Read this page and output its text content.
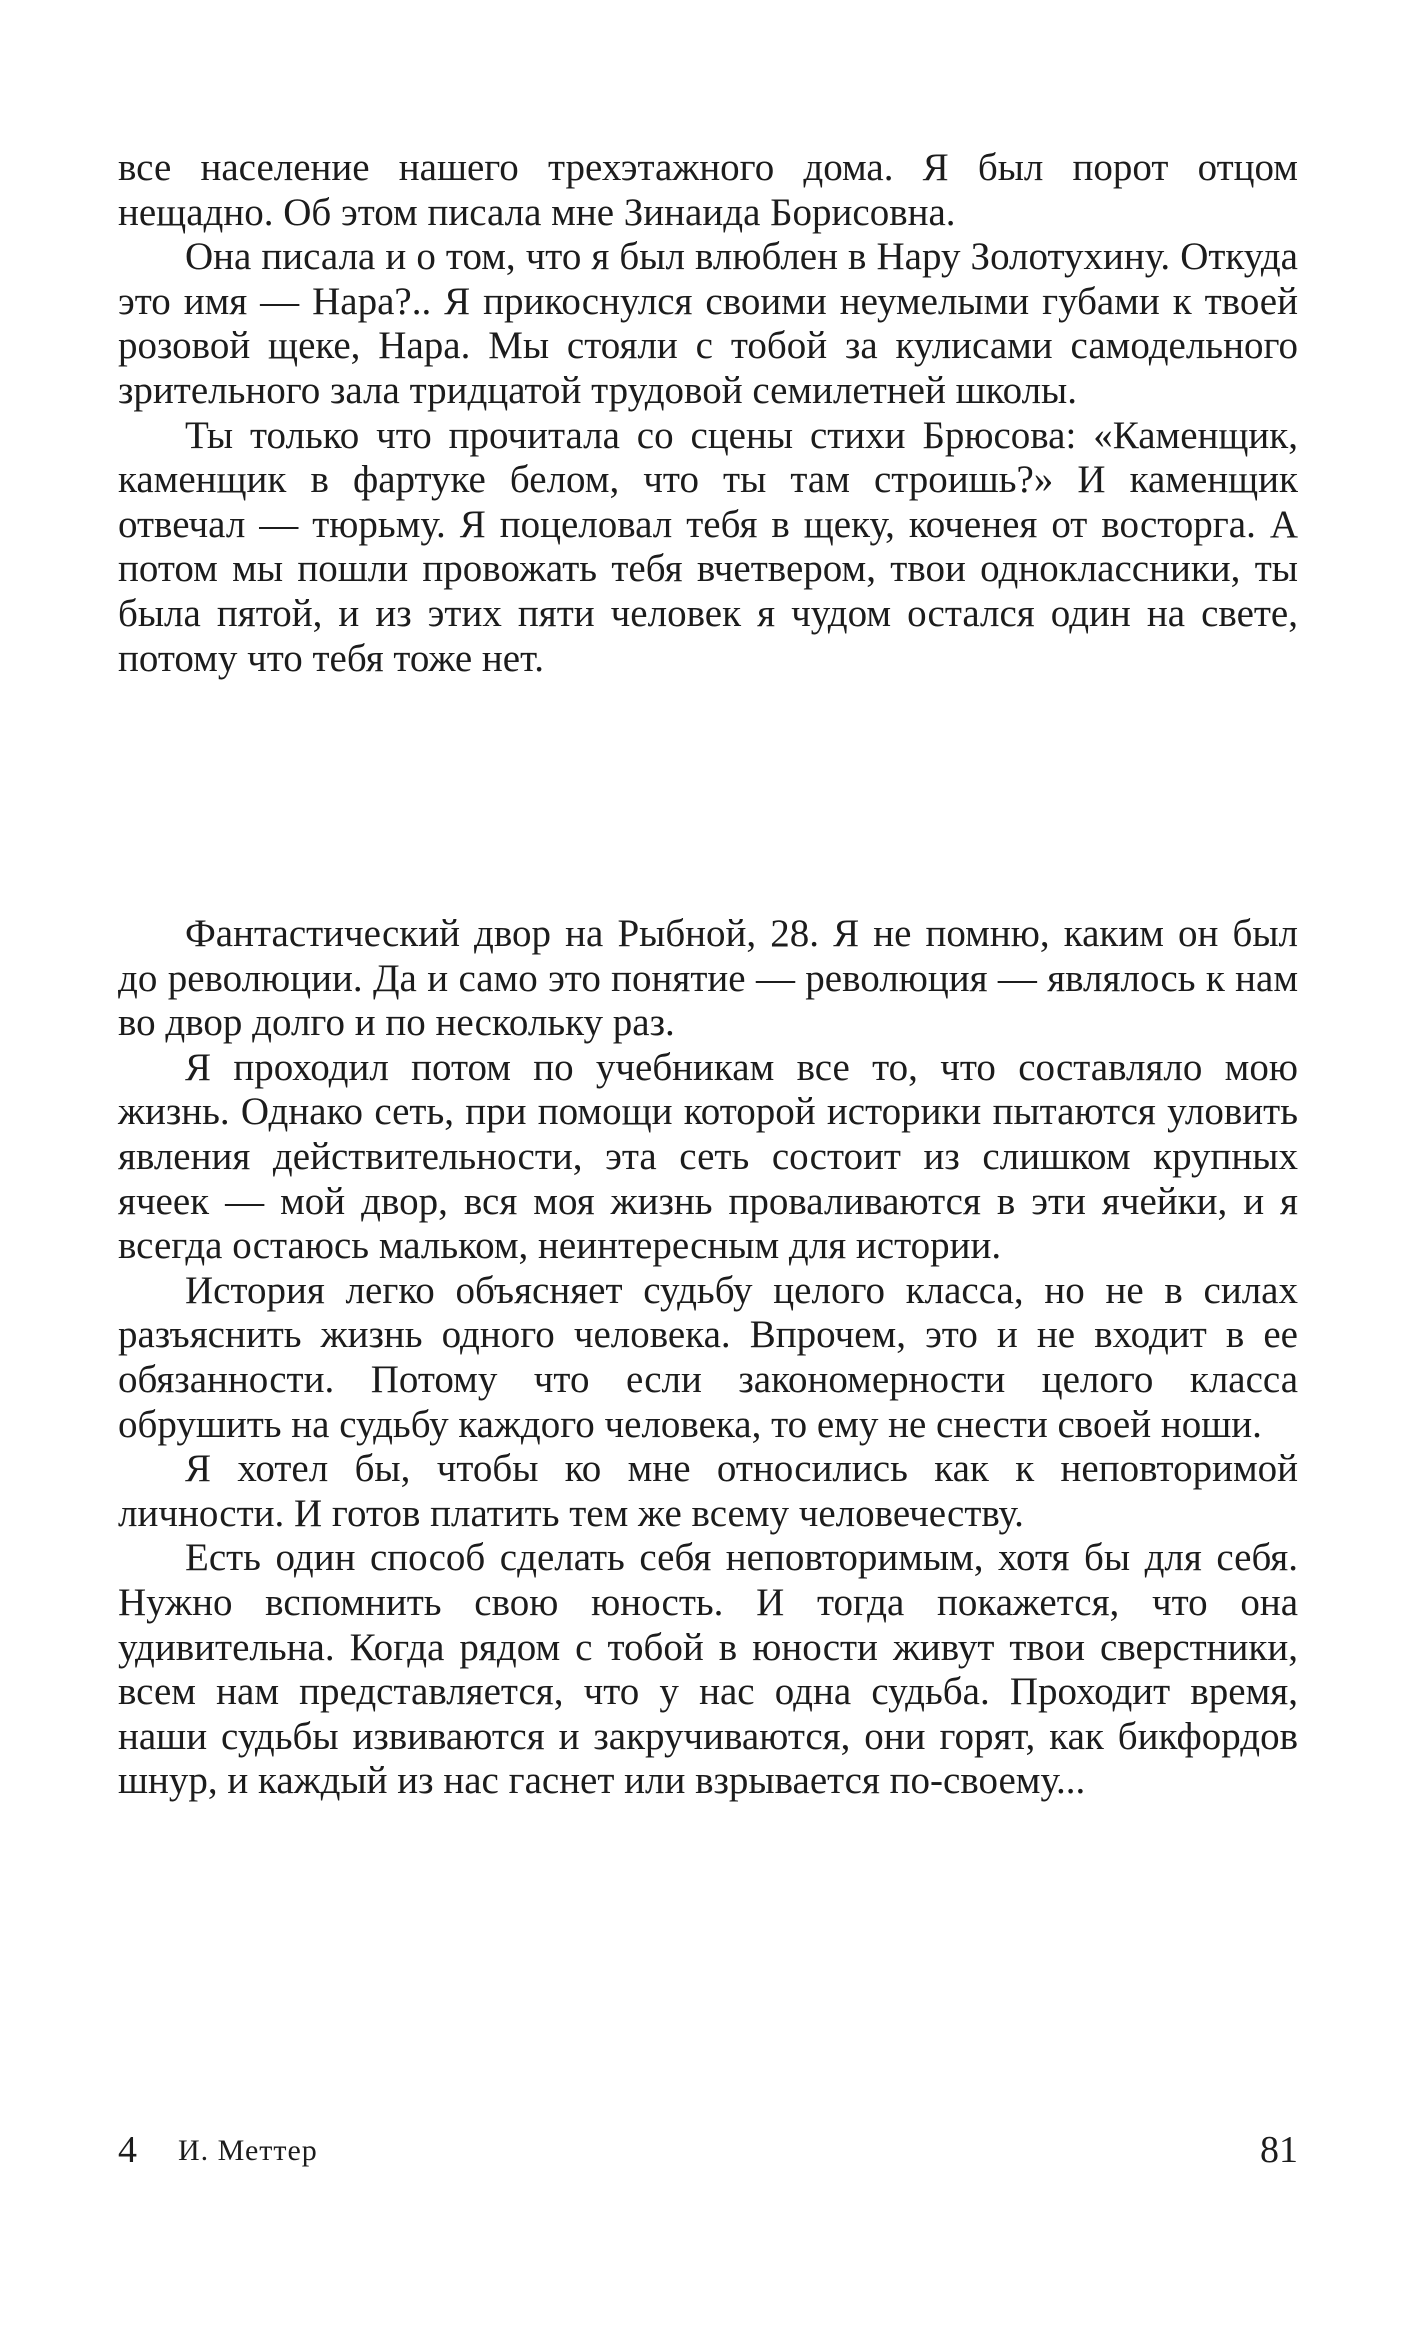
все население нашего трехэтажного дома. Я был порот отцом нещадно. Об этом писала мне Зинаида Борисовна.

Она писала и о том, что я был влюблен в Нару Золотухину. Откуда это имя — Нара?.. Я прикоснулся своими неумелыми губами к твоей розовой щеке, Нара. Мы стояли с тобой за кулисами самодельного зрительного зала тридцатой трудовой семилетней школы.

Ты только что прочитала со сцены стихи Брюсова: «Каменщик, каменщик в фартуке белом, что ты там строишь?» И каменщик отвечал — тюрьму. Я поцеловал тебя в щеку, коченея от восторга. А потом мы пошли провожать тебя вчетвером, твои одноклассники, ты была пятой, и из этих пяти человек я чудом остался один на свете, потому что тебя тоже нет.

Фантастический двор на Рыбной, 28. Я не помню, каким он был до революции. Да и само это понятие — революция — являлось к нам во двор долго и по нескольку раз.

Я проходил потом по учебникам все то, что составляло мою жизнь. Однако сеть, при помощи которой историки пытаются уловить явления действительности, эта сеть состоит из слишком крупных ячеек — мой двор, вся моя жизнь проваливаются в эти ячейки, и я всегда остаюсь мальком, неинтересным для истории.

История легко объясняет судьбу целого класса, но не в силах разъяснить жизнь одного человека. Впрочем, это и не входит в ее обязанности. Потому что если закономерности целого класса обрушить на судьбу каждого человека, то ему не снести своей ноши.

Я хотел бы, чтобы ко мне относились как к неповторимой личности. И готов платить тем же всему человечеству.

Есть один способ сделать себя неповторимым, хотя бы для себя. Нужно вспомнить свою юность. И тогда покажется, что она удивительна. Когда рядом с тобой в юности живут твои сверстники, всем нам представляется, что у нас одна судьба. Проходит время, наши судьбы извиваются и закручиваются, они горят, как бикфордов шнур, и каждый из нас гаснет или взрывается по-своему...

4 И. Меттер	81
